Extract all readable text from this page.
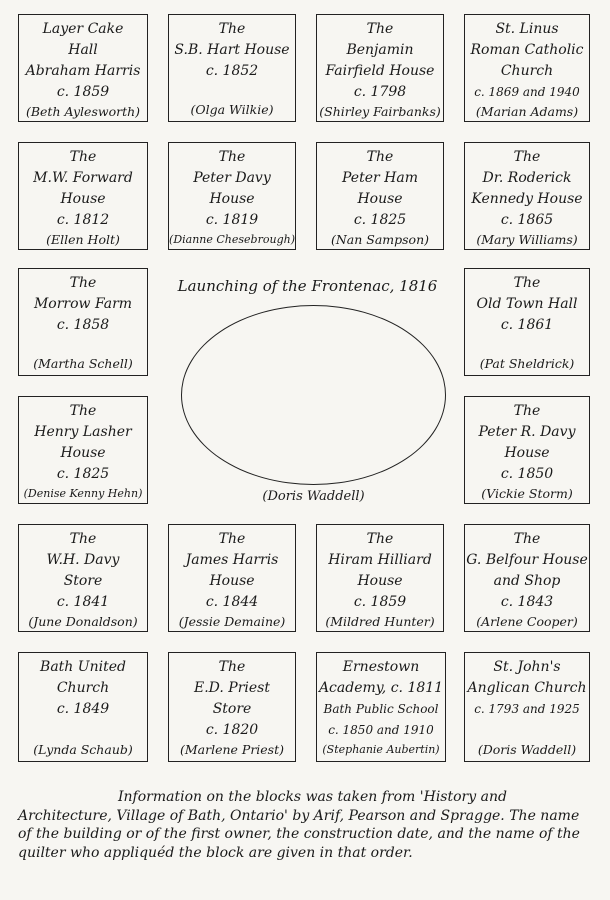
Layer Cake
Hall
Abraham Harris
c. 1859
(Beth Aylesworth)
The
S.B. Hart House
c. 1852
(Olga Wilkie)
The
Benjamin
Fairfield House
c. 1798
(Shirley Fairbanks)
St. Linus
Roman Catholic
Church
c. 1869 and 1940
(Marian Adams)
The
M.W. Forward
House
c. 1812
(Ellen Holt)
The
Peter Davy
House
c. 1819
(Dianne Chesebrough)
The
Peter Ham
House
c. 1825
(Nan Sampson)
The
Dr. Roderick
Kennedy House
c. 1865
(Mary Williams)
The
Morrow Farm
c. 1858
(Martha Schell)
The
Old Town Hall
c. 1861
(Pat Sheldrick)
The
Henry Lasher
House
c. 1825
(Denise Kenny Hehn)
The
Peter R. Davy
House
c. 1850
(Vickie Storm)
Launching of the Frontenac, 1816
(Doris Waddell)
The
W.H. Davy
Store
c. 1841
(June Donaldson)
The
James Harris
House
c. 1844
(Jessie Demaine)
The
Hiram Hilliard
House
c. 1859
(Mildred Hunter)
The
G. Belfour House
and Shop
c. 1843
(Arlene Cooper)
Bath United
Church
c. 1849
(Lynda Schaub)
The
E.D. Priest
Store
c. 1820
(Marlene Priest)
Ernestown
Academy, c. 1811
Bath Public School
c. 1850 and 1910
(Stephanie Aubertin)
St. John's
Anglican Church
c. 1793 and 1925
(Doris Waddell)

Information on the blocks was taken from 'History and Architecture, Village of Bath, Ontario' by Arif, Pearson and Spragge. The name of the building or of the first owner, the construction date, and the name of the quilter who appliquéd the block are given in that order.
